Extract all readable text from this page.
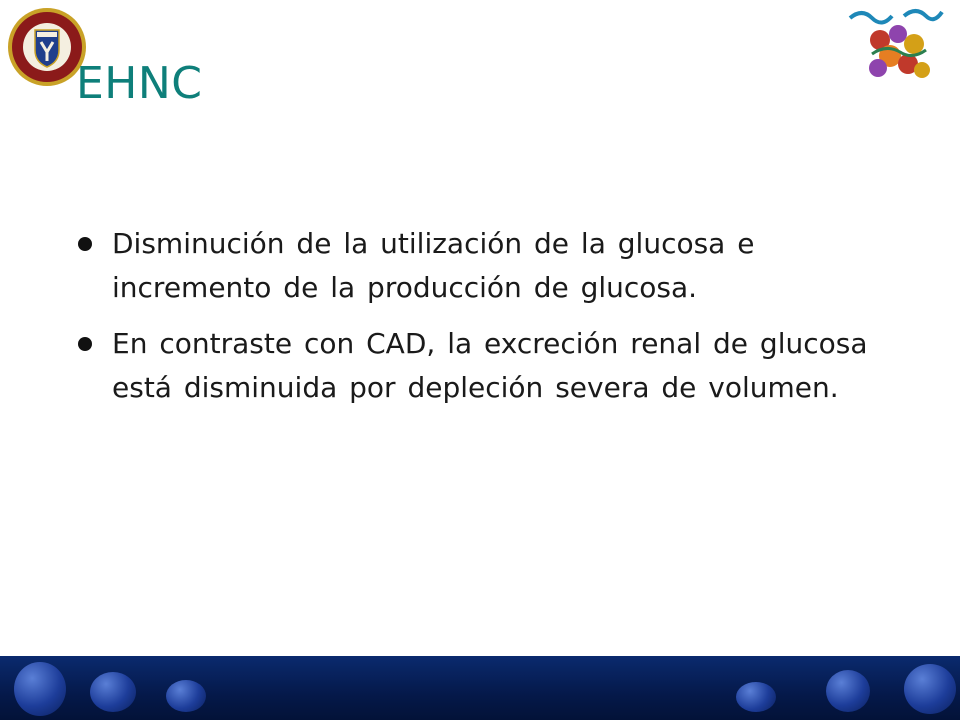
EHNC
Disminución de la utilización de la glucosa e incremento de la producción de glucosa.
En contraste con CAD, la excreción renal de glucosa está disminuida por depleción severa de volumen.
